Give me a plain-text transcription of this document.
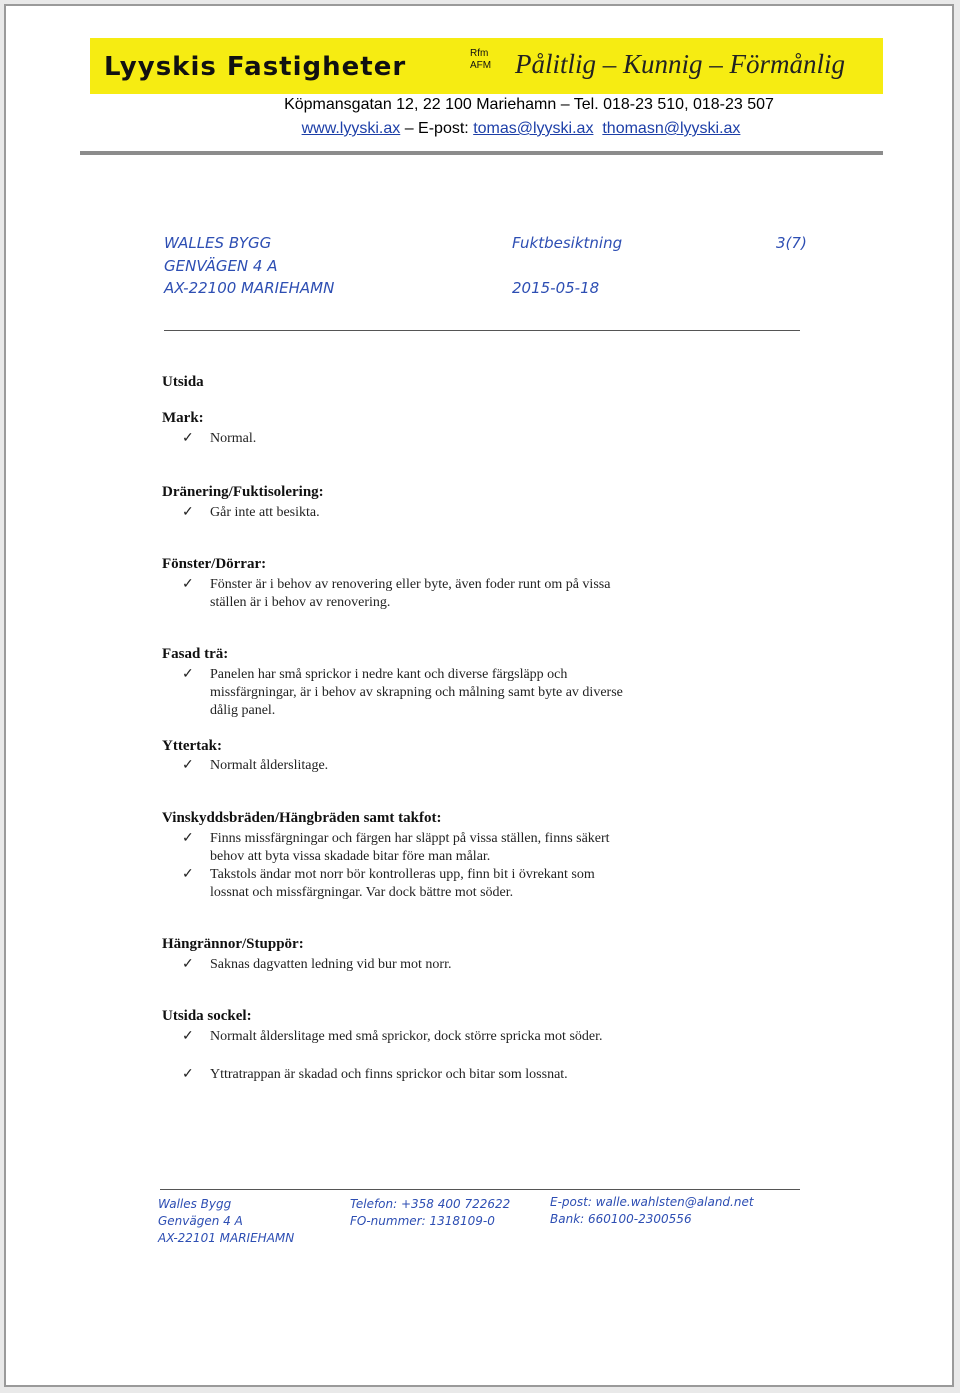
Lyyskis Fastigheter	Rfm
AFM Pålitlig – Kunnig – Förmånlig
Köpmansgatan 12, 22 100 Mariehamn – Tel. 018-23 510, 018-23 507
www.lyyski.ax – E-post: tomas@lyyski.ax thomasn@lyyski.ax
WALLES BYGG
GENVÄGEN 4 A
AX-22100 MARIEHAMN
Fuktbesiktning
2015-05-18
3(7)
Utsida
Mark:
✓	Normal.
Dränering/Fuktisolering:
✓	Går inte att besikta.
Fönster/Dörrar:
✓	Fönster är i behov av renovering eller byte, även foder runt om på vissa ställen är i behov av renovering.
Fasad trä:
✓	Panelen har små sprickor i nedre kant och diverse färgsläpp och missfärgningar, är i behov av skrapning och målning samt byte av diverse dålig panel.
Yttertak:
✓	Normalt ålderslitage.
Vinskyddsbräden/Hängbräden samt takfot:
✓	Finns missfärgningar och färgen har släppt på vissa ställen, finns säkert behov att byta vissa skadade bitar före man målar.
✓	Takstols ändar mot norr bör kontrolleras upp, finn bit i övrekant som lossnat och missfärgningar. Var dock bättre mot söder.
Hängrännor/Stupрör:
✓	Saknas dagvatten ledning vid bur mot norr.
Utsida sockel:
✓	Normalt ålderslitage med små sprickor, dock större spricka mot söder.
✓	Yttratrappan är skadad och finns sprickor och bitar som lossnat.
Walles Bygg
Genvägen 4 A
AX-22101 MARIEHAMN
Telefon: +358 400 722622
FO-nummer: 1318109-0
E-post: walle.wahlsten@aland.net
Bank: 660100-2300556
